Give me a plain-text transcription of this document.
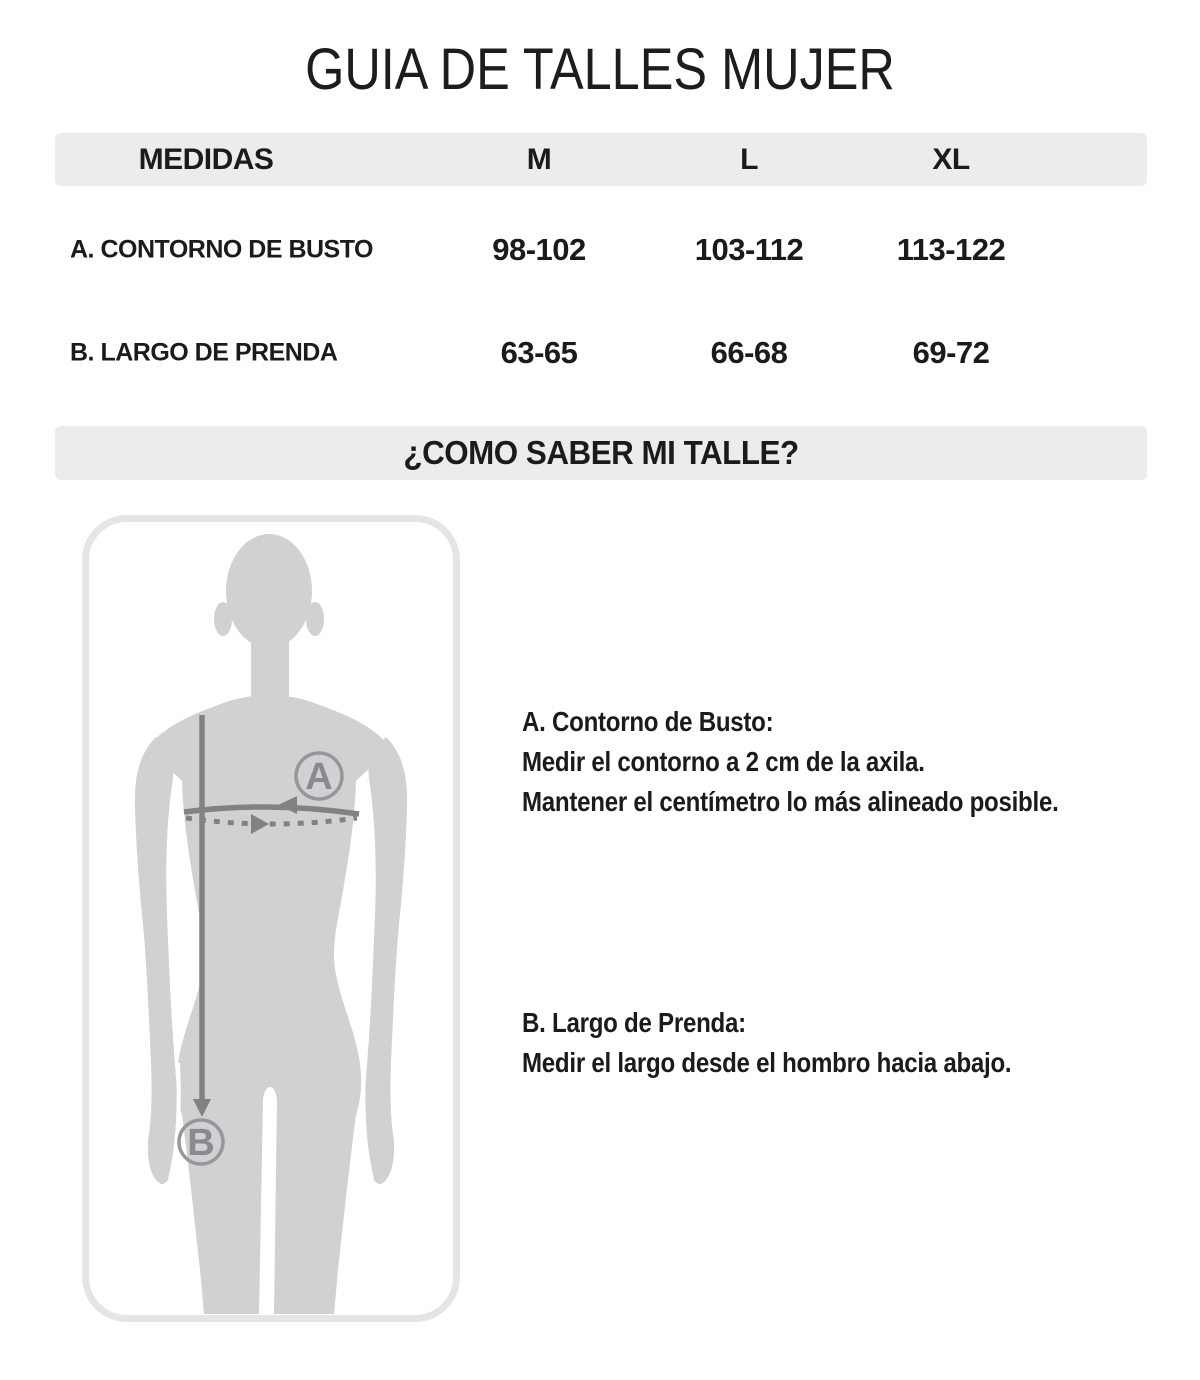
GUIA DE TALLES MUJER
MEDIDAS	M	L	XL
A. CONTORNO DE BUSTO	98-102	103-112	113-122
B. LARGO DE PRENDA	63-65	66-68	69-72
¿COMO SABER MI TALLE?
A
B
A. Contorno de Busto:
Medir el contorno a 2 cm de la axila.
Mantener el centímetro lo más alineado posible.
B. Largo de Prenda:
Medir el largo desde el hombro hacia abajo.
